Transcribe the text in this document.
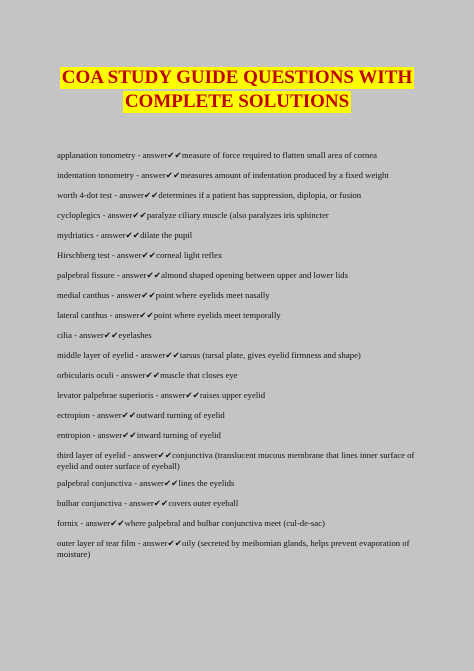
COA STUDY GUIDE QUESTIONS WITH
COMPLETE SOLUTIONS
applanation tonometry - answer✔✔measure of force required to flatten small area of cornea
indentation tonometry - answer✔✔measures amount of indentation produced by a fixed weight
worth 4-dot test - answer✔✔determines if a patient has suppression, diplopia, or fusion
cycloplegics - answer✔✔paralyze ciliary muscle (also paralyzes iris sphincter
mydriatics - answer✔✔dilate the pupil
Hirschberg test - answer✔✔corneal light reflex
palpebral fissure - answer✔✔almond shaped opening between upper and lower lids
medial canthus - answer✔✔point where eyelids meet nasally
lateral canthus - answer✔✔point where eyelids meet temporally
cilia - answer✔✔eyelashes
middle layer of eyelid - answer✔✔tarsus (tarsal plate, gives eyelid firmness and shape)
orbicularis oculi - answer✔✔muscle that closes eye
levator palpebrae superioris - answer✔✔raises upper eyelid
ectropion - answer✔✔outward turning of eyelid
entropion - answer✔✔inward turning of eyelid
third layer of eyelid - answer✔✔conjunctiva (translucent mucous membrane that lines inner surface of eyelid and outer surface of eyeball)
palpebral conjunctiva - answer✔✔lines the eyelids
bulbar conjunctiva - answer✔✔covers outer eyeball
fornix - answer✔✔where palpebral and bulbar conjunctiva meet (cul-de-sac)
outer layer of tear film - answer✔✔oily (secreted by meibomian glands, helps prevent evaporation of moisture)
